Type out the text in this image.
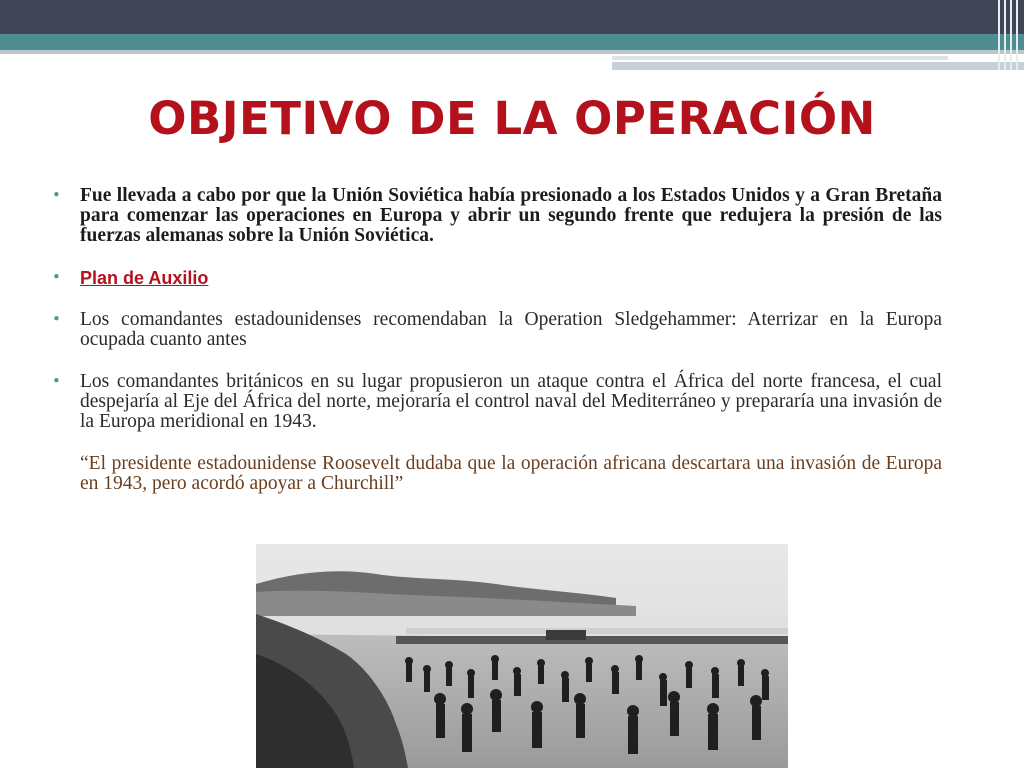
OBJETIVO DE LA OPERACIÓN
• Fue llevada a cabo por que la Unión Soviética había presionado a los Estados Unidos y a Gran Bretaña para comenzar las operaciones en Europa y abrir un segundo frente que redujera la presión de las fuerzas alemanas sobre la Unión Soviética.

• Plan de Auxilio

• Los comandantes estadounidenses recomendaban la Operation Sledgehammer: Aterrizar en la Europa ocupada cuanto antes

• Los comandantes británicos en su lugar propusieron un ataque contra el África del norte francesa, el cual despejaría al Eje del África del norte, mejoraría el control naval del Mediterráneo y prepararía una invasión de la Europa meridional en 1943.

“El presidente estadounidense Roosevelt dudaba que la operación africana descartara una invasión de Europa en 1943, pero acordó apoyar a Churchill”
